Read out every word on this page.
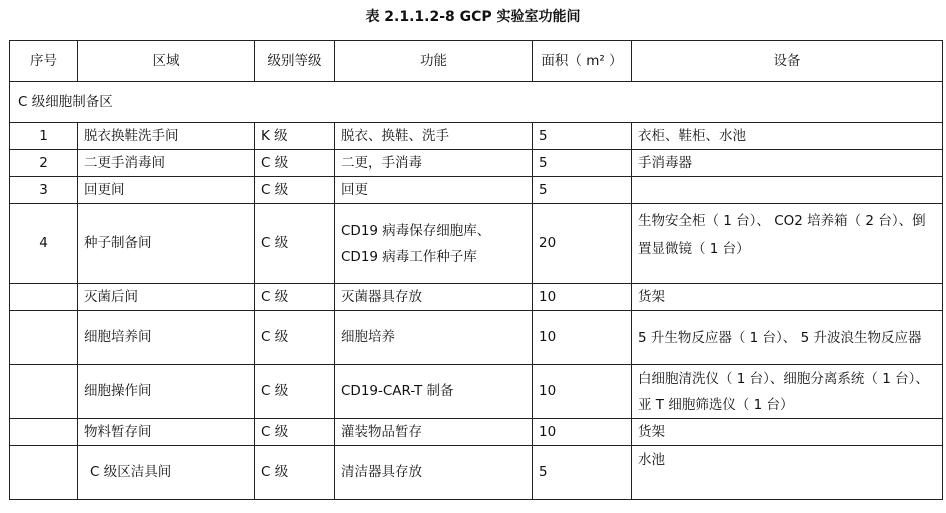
表 2.1.1.2-8 GCP 实验室功能间
序号	区域	级别等级	功能	面积（ m² ）	设备
C 级细胞制备区					
1	脱衣换鞋洗手间	K 级	脱衣、换鞋、洗手	5	衣柜、鞋柜、水池
2	二更手消毒间	C 级	二更，手消毒	5	手消毒器
3	回更间	C 级	回更	5	
4	种子制备间	C 级	CD19 病毒保存细胞库、CD19 病毒工作种子库	20	生物安全柜（ 1 台）、 CO2 培养箱（ 2 台）、倒置显微镜（ 1 台）
	灭菌后间	C 级	灭菌器具存放	10	货架
	细胞培养间	C 级	细胞培养	10	5 升生物反应器（ 1 台）、 5 升波浪生物反应器
	细胞操作间	C 级	CD19-CAR-T 制备	10	白细胞清洗仪（ 1 台）、细胞分离系统（ 1 台）、亚 T 细胞筛选仪（ 1 台）
	物料暂存间	C 级	灌装物品暂存	10	货架
	C 级区洁具间	C 级	清洁器具存放	5	水池
